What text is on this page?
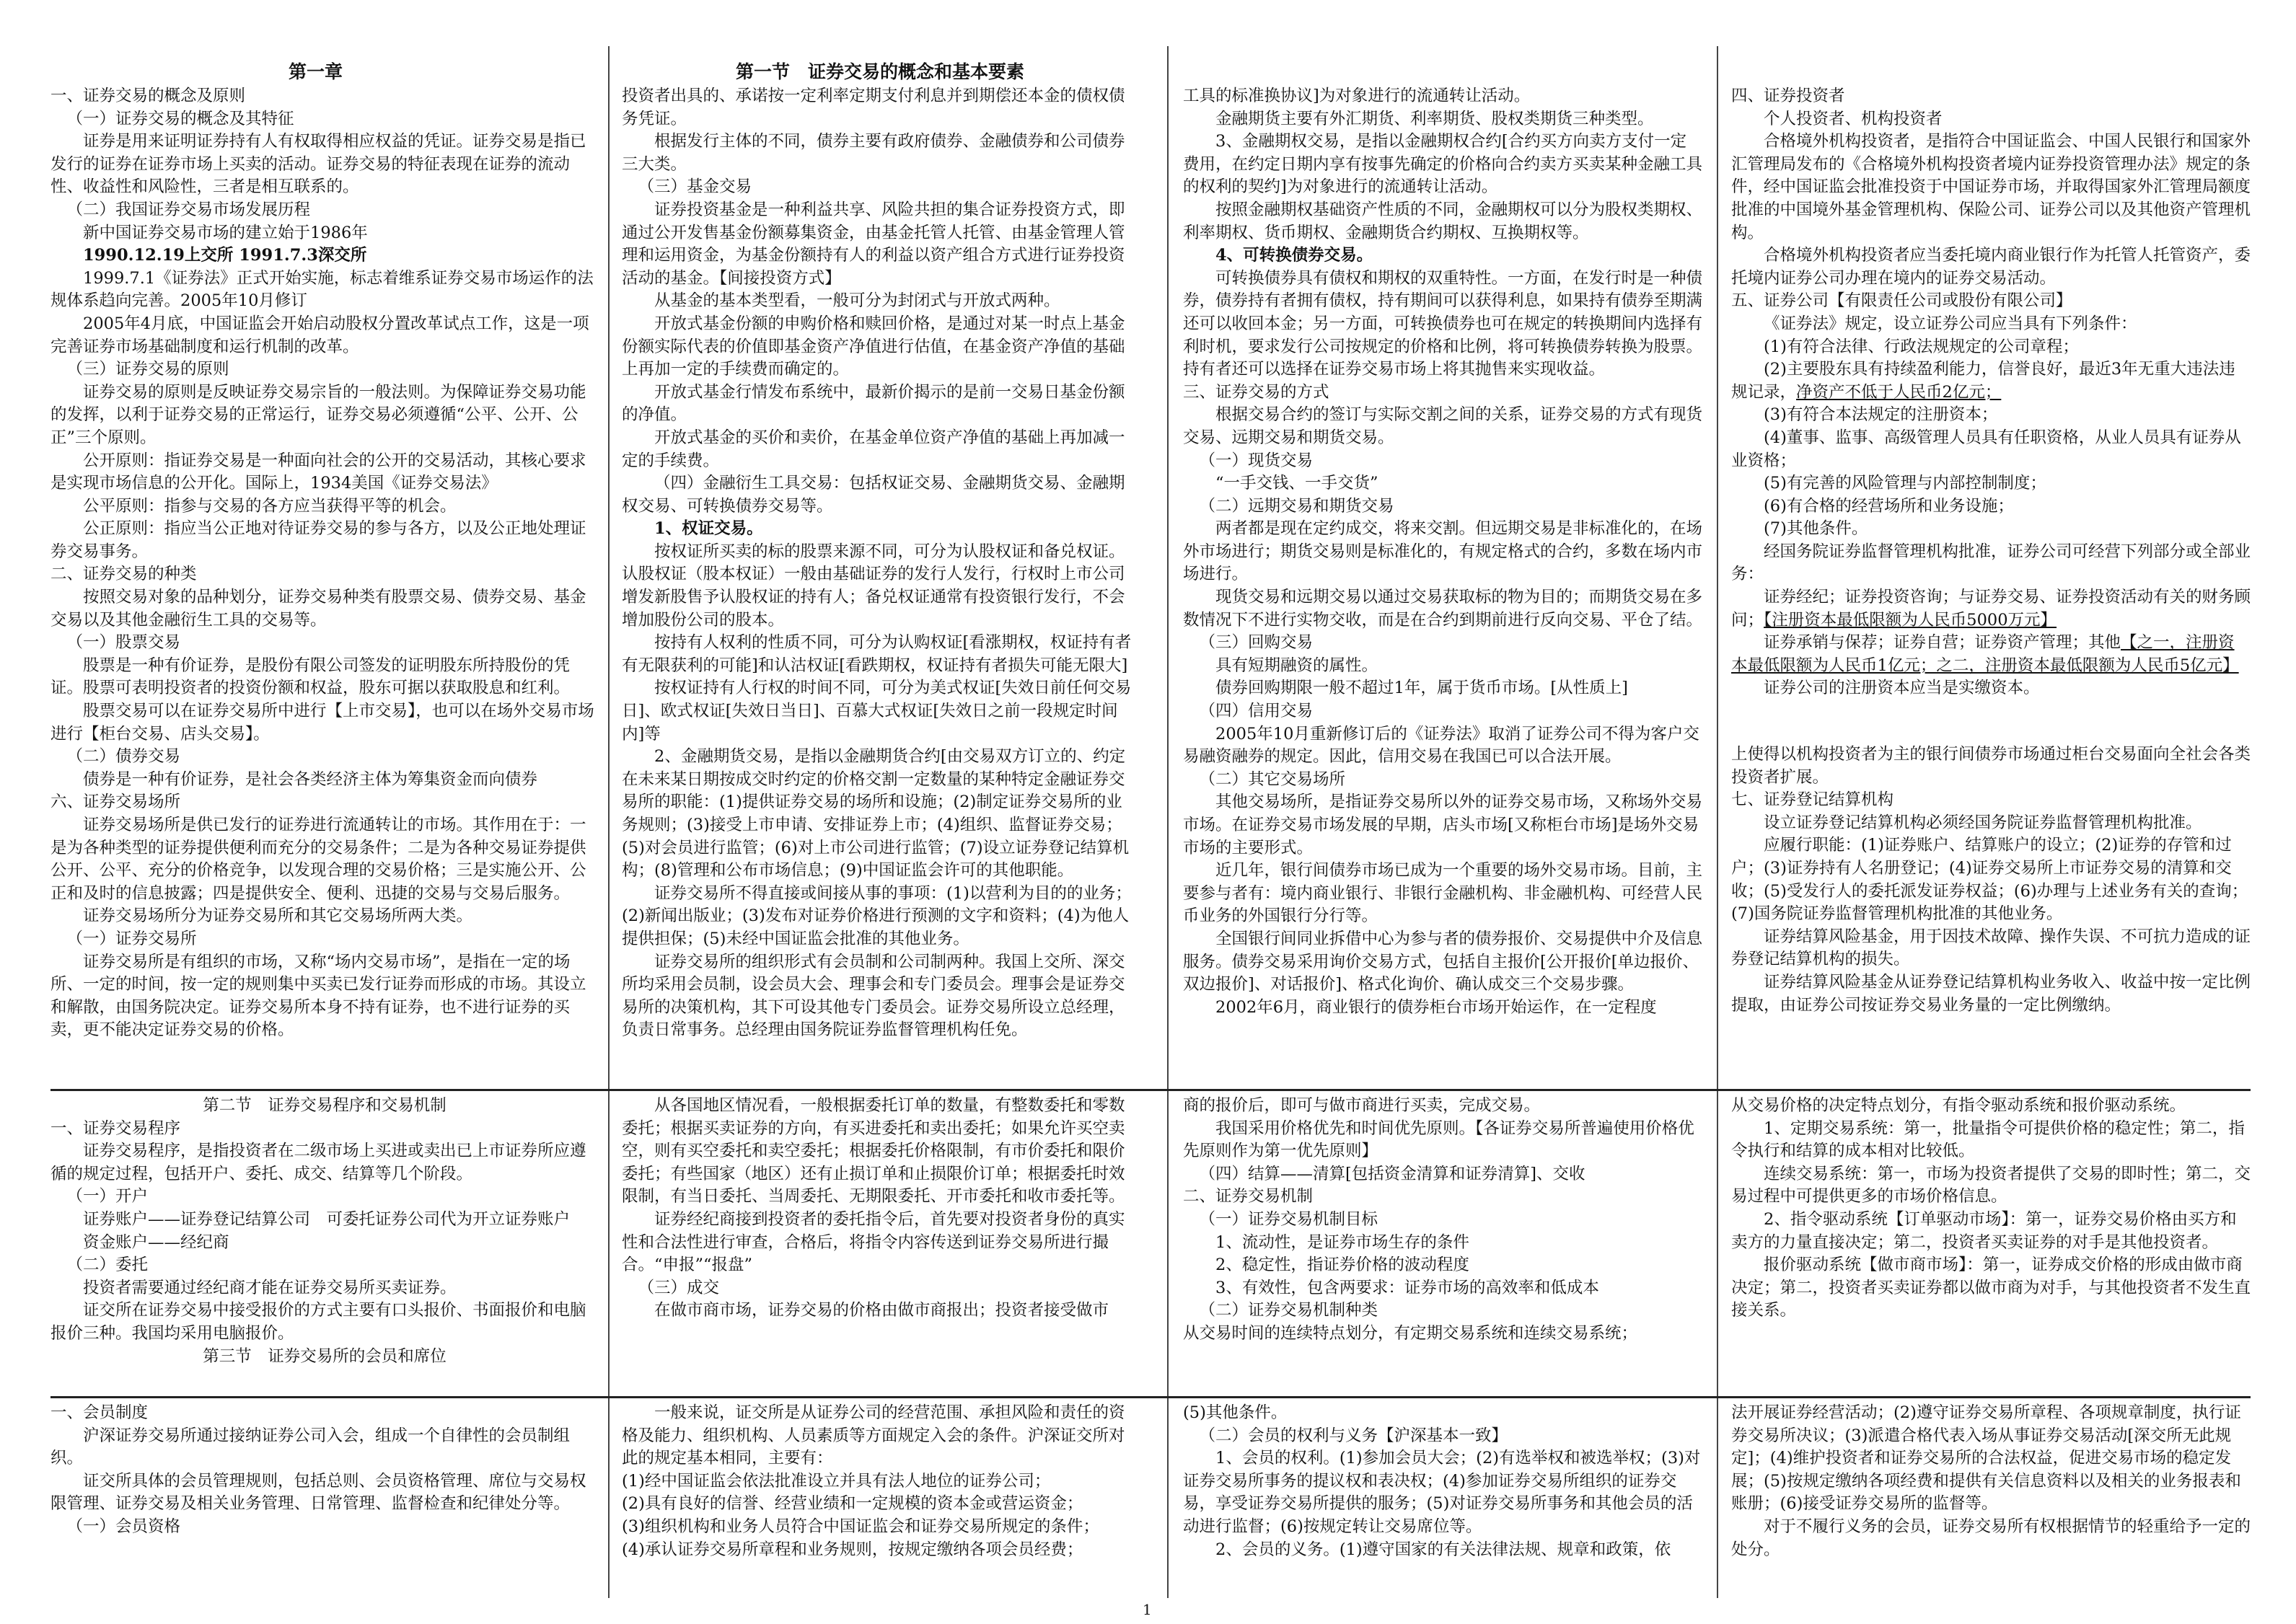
第一章	第一节　证券交易的概念和基本要素

一、证券交易的概念及原则

（一）证券交易的概念及其特征

证券是用来证明证券持有人有权取得相应权益的凭证。证券交易是指已发行的证券在证券市场上买卖的活动。证券交易的特征表现在证券的流动性、收益性和风险性，三者是相互联系的。

（二）我国证券交易市场发展历程

新中国证券交易市场的建立始于1986年

1990.12.19上交所 1991.7.3深交所

1999.7.1《证券法》正式开始实施，标志着维系证券交易市场运作的法规体系趋向完善。2005年10月修订

2005年4月底，中国证监会开始启动股权分置改革试点工作，这是一项完善证券市场基础制度和运行机制的改革。

（三）证券交易的原则

证券交易的原则是反映证券交易宗旨的一般法则。为保障证券交易功能的发挥，以利于证券交易的正常运行，证券交易必须遵循“公平、公开、公正”三个原则。

公开原则：指证券交易是一种面向社会的公开的交易活动，其核心要求是实现市场信息的公开化。国际上，1934美国《证券交易法》

公平原则：指参与交易的各方应当获得平等的机会。

公正原则：指应当公正地对待证券交易的参与各方，以及公正地处理证券交易事务。

二、证券交易的种类

按照交易对象的品种划分，证券交易种类有股票交易、债券交易、基金交易以及其他金融衍生工具的交易等。

（一）股票交易

股票是一种有价证券，是股份有限公司签发的证明股东所持股份的凭证。股票可表明投资者的投资份额和权益，股东可据以获取股息和红利。

股票交易可以在证券交易所中进行【上市交易】，也可以在场外交易市场进行【柜台交易、店头交易】。

（二）债券交易

债券是一种有价证券，是社会各类经济主体为筹集资金而向债券

六、证券交易场所

证券交易场所是供已发行的证券进行流通转让的市场。其作用在于：一是为各种类型的证券提供便利而充分的交易条件；二是为各种交易证券提供公开、公平、充分的价格竞争，以发现合理的交易价格；三是实施公开、公正和及时的信息披露；四是提供安全、便利、迅捷的交易与交易后服务。

证券交易场所分为证券交易所和其它交易场所两大类。

（一）证券交易所

证券交易所是有组织的市场，又称“场内交易市场”，是指在一定的场所、一定的时间，按一定的规则集中买卖已发行证券而形成的市场。其设立和解散，由国务院决定。证券交易所本身不持有证券，也不进行证券的买卖，更不能决定证券交易的价格。

第二节　证券交易程序和交易机制

一、证券交易程序

证券交易程序，是指投资者在二级市场上买进或卖出已上市证券所应遵循的规定过程，包括开户、委托、成交、结算等几个阶段。

（一）开户

证券账户——证券登记结算公司　可委托证券公司代为开立证券账户

资金账户——经纪商

（二）委托

投资者需要通过经纪商才能在证券交易所买卖证券。

证交所在证券交易中接受报价的方式主要有口头报价、书面报价和电脑报价三种。我国均采用电脑报价。

第三节　证券交易所的会员和席位

一、会员制度

沪深证券交易所通过接纳证券公司入会，组成一个自律性的会员制组织。

证交所具体的会员管理规则，包括总则、会员资格管理、席位与交易权限管理、证券交易及相关业务管理、日常管理、监督检查和纪律处分等。

（一）会员资格

投资者出具的、承诺按一定利率定期支付利息并到期偿还本金的债权债务凭证。

根据发行主体的不同，债券主要有政府债券、金融债券和公司债券三大类。

（三）基金交易

证券投资基金是一种利益共享、风险共担的集合证券投资方式，即通过公开发售基金份额募集资金，由基金托管人托管、由基金管理人管理和运用资金，为基金份额持有人的利益以资产组合方式进行证券投资活动的基金。【间接投资方式】

从基金的基本类型看，一般可分为封闭式与开放式两种。

开放式基金份额的申购价格和赎回价格，是通过对某一时点上基金份额实际代表的价值即基金资产净值进行估值，在基金资产净值的基础上再加一定的手续费而确定的。

开放式基金行情发布系统中，最新价揭示的是前一交易日基金份额的净值。

开放式基金的买价和卖价，在基金单位资产净值的基础上再加减一定的手续费。

（四）金融衍生工具交易：包括权证交易、金融期货交易、金融期权交易、可转换债券交易等。

1、权证交易。

按权证所买卖的标的股票来源不同，可分为认股权证和备兑权证。认股权证（股本权证）一般由基础证券的发行人发行，行权时上市公司增发新股售予认股权证的持有人；备兑权证通常有投资银行发行，不会增加股份公司的股本。

按持有人权利的性质不同，可分为认购权证[看涨期权，权证持有者有无限获利的可能]和认沽权证[看跌期权，权证持有者损失可能无限大]

按权证持有人行权的时间不同，可分为美式权证[失效日前任何交易日]、欧式权证[失效日当日]、百慕大式权证[失效日之前一段规定时间内]等

2、金融期货交易，是指以金融期货合约[由交易双方订立的、约定在未来某日期按成交时约定的价格交割一定数量的某种特定金融证券交易所的职能：(1)提供证券交易的场所和设施；(2)制定证券交易所的业务规则；(3)接受上市申请、安排证券上市；(4)组织、监督证券交易；(5)对会员进行监管；(6)对上市公司进行监管；(7)设立证券登记结算机构；(8)管理和公布市场信息；(9)中国证监会许可的其他职能。

证券交易所不得直接或间接从事的事项：(1)以营利为目的的业务；(2)新闻出版业；(3)发布对证券价格进行预测的文字和资料；(4)为他人提供担保；(5)未经中国证监会批准的其他业务。

证券交易所的组织形式有会员制和公司制两种。我国上交所、深交所均采用会员制，设会员大会、理事会和专门委员会。理事会是证券交易所的决策机构，其下可设其他专门委员会。证券交易所设立总经理，负责日常事务。总经理由国务院证券监督管理机构任免。

从各国地区情况看，一般根据委托订单的数量，有整数委托和零数委托；根据买卖证券的方向，有买进委托和卖出委托；如果允许买空卖空，则有买空委托和卖空委托；根据委托价格限制，有市价委托和限价委托；有些国家（地区）还有止损订单和止损限价订单；根据委托时效限制，有当日委托、当周委托、无期限委托、开市委托和收市委托等。

证券经纪商接到投资者的委托指令后，首先要对投资者身份的真实性和合法性进行审查，合格后，将指令内容传送到证券交易所进行撮合。“申报”“报盘”

（三）成交

在做市商市场，证券交易的价格由做市商报出；投资者接受做市

一般来说，证交所是从证券公司的经营范围、承担风险和责任的资格及能力、组织机构、人员素质等方面规定入会的条件。沪深证交所对此的规定基本相同，主要有：

(1)经中国证监会依法批准设立并具有法人地位的证券公司；

(2)具有良好的信誉、经营业绩和一定规模的资本金或营运资金；

(3)组织机构和业务人员符合中国证监会和证券交易所规定的条件；

(4)承认证券交易所章程和业务规则，按规定缴纳各项会员经费；

工具的标准换协议]为对象进行的流通转让活动。

金融期货主要有外汇期货、利率期货、股权类期货三种类型。

3、金融期权交易，是指以金融期权合约[合约买方向卖方支付一定费用，在约定日期内享有按事先确定的价格向合约卖方买卖某种金融工具的权利的契约]为对象进行的流通转让活动。

按照金融期权基础资产性质的不同，金融期权可以分为股权类期权、利率期权、货币期权、金融期货合约期权、互换期权等。

4、可转换债券交易。

可转换债券具有债权和期权的双重特性。一方面，在发行时是一种债券，债券持有者拥有债权，持有期间可以获得利息，如果持有债券至期满还可以收回本金；另一方面，可转换债券也可在规定的转换期间内选择有利时机，要求发行公司按规定的价格和比例，将可转换债券转换为股票。持有者还可以选择在证券交易市场上将其抛售来实现收益。

三、证券交易的方式

根据交易合约的签订与实际交割之间的关系，证券交易的方式有现货交易、远期交易和期货交易。

（一）现货交易

“一手交钱、一手交货”

（二）远期交易和期货交易

两者都是现在定约成交，将来交割。但远期交易是非标准化的，在场外市场进行；期货交易则是标准化的，有规定格式的合约，多数在场内市场进行。

现货交易和远期交易以通过交易获取标的物为目的；而期货交易在多数情况下不进行实物交收，而是在合约到期前进行反向交易、平仓了结。

（三）回购交易

具有短期融资的属性。

债券回购期限一般不超过1年，属于货币市场。[从性质上]

（四）信用交易

2005年10月重新修订后的《证券法》取消了证券公司不得为客户交易融资融券的规定。因此，信用交易在我国已可以合法开展。

（二）其它交易场所

其他交易场所，是指证券交易所以外的证券交易市场，又称场外交易市场。在证券交易市场发展的早期，店头市场[又称柜台市场]是场外交易市场的主要形式。

近几年，银行间债券市场已成为一个重要的场外交易市场。目前，主要参与者有：境内商业银行、非银行金融机构、非金融机构、可经营人民币业务的外国银行分行等。

全国银行间同业拆借中心为参与者的债券报价、交易提供中介及信息服务。债券交易采用询价交易方式，包括自主报价[公开报价[单边报价、双边报价]、对话报价]、格式化询价、确认成交三个交易步骤。

2002年6月，商业银行的债券柜台市场开始运作，在一定程度

商的报价后，即可与做市商进行买卖，完成交易。

我国采用价格优先和时间优先原则。【各证券交易所普遍使用价格优先原则作为第一优先原则】

（四）结算——清算[包括资金清算和证券清算]、交收

二、证券交易机制

（一）证券交易机制目标

1、流动性，是证券市场生存的条件

2、稳定性，指证券价格的波动程度

3、有效性，包含两要求：证券市场的高效率和低成本

（二）证券交易机制种类

从交易时间的连续特点划分，有定期交易系统和连续交易系统；

(5)其他条件。

（二）会员的权利与义务【沪深基本一致】

1、会员的权利。(1)参加会员大会；(2)有选举权和被选举权；(3)对证券交易所事务的提议权和表决权；(4)参加证券交易所组织的证券交易，享受证券交易所提供的服务；(5)对证券交易所事务和其他会员的活动进行监督；(6)按规定转让交易席位等。

2、会员的义务。(1)遵守国家的有关法律法规、规章和政策，依

四、证券投资者

个人投资者、机构投资者

合格境外机构投资者，是指符合中国证监会、中国人民银行和国家外汇管理局发布的《合格境外机构投资者境内证券投资管理办法》规定的条件，经中国证监会批准投资于中国证券市场，并取得国家外汇管理局额度批准的中国境外基金管理机构、保险公司、证券公司以及其他资产管理机构。

合格境外机构投资者应当委托境内商业银行作为托管人托管资产，委托境内证券公司办理在境内的证券交易活动。

五、证券公司【有限责任公司或股份有限公司】

《证券法》规定，设立证券公司应当具有下列条件：

(1)有符合法律、行政法规规定的公司章程；

(2)主要股东具有持续盈利能力，信誉良好，最近3年无重大违法违规记录，净资产不低于人民币2亿元；

(3)有符合本法规定的注册资本；

(4)董事、监事、高级管理人员具有任职资格，从业人员具有证券从业资格；

(5)有完善的风险管理与内部控制制度；

(6)有合格的经营场所和业务设施；

(7)其他条件。

经国务院证券监督管理机构批准，证券公司可经营下列部分或全部业务：

证券经纪；证券投资咨询；与证券交易、证券投资活动有关的财务顾问；【注册资本最低限额为人民币5000万元】

证券承销与保荐；证券自营；证券资产管理；其他【之一，注册资本最低限额为人民币1亿元；之二，注册资本最低限额为人民币5亿元】

证券公司的注册资本应当是实缴资本。

上使得以机构投资者为主的银行间债券市场通过柜台交易面向全社会各类投资者扩展。

七、证券登记结算机构

设立证券登记结算机构必须经国务院证券监督管理机构批准。

应履行职能：(1)证券账户、结算账户的设立；(2)证券的存管和过户；(3)证券持有人名册登记；(4)证券交易所上市证券交易的清算和交收；(5)受发行人的委托派发证券权益；(6)办理与上述业务有关的查询；(7)国务院证券监督管理机构批准的其他业务。

证券结算风险基金，用于因技术故障、操作失误、不可抗力造成的证券登记结算机构的损失。

证券结算风险基金从证券登记结算机构业务收入、收益中按一定比例提取，由证券公司按证券交易业务量的一定比例缴纳。

从交易价格的决定特点划分，有指令驱动系统和报价驱动系统。

1、定期交易系统：第一，批量指令可提供价格的稳定性；第二，指令执行和结算的成本相对比较低。

连续交易系统：第一，市场为投资者提供了交易的即时性；第二，交易过程中可提供更多的市场价格信息。

2、指令驱动系统【订单驱动市场】：第一，证券交易价格由买方和卖方的力量直接决定；第二，投资者买卖证券的对手是其他投资者。

报价驱动系统【做市商市场】：第一，证券成交价格的形成由做市商决定；第二，投资者买卖证券都以做市商为对手，与其他投资者不发生直接关系。

法开展证券经营活动；(2)遵守证券交易所章程、各项规章制度，执行证券交易所决议；(3)派遣合格代表入场从事证券交易活动[深交所无此规定]；(4)维护投资者和证券交易所的合法权益，促进交易市场的稳定发展；(5)按规定缴纳各项经费和提供有关信息资料以及相关的业务报表和账册；(6)接受证券交易所的监督等。

对于不履行义务的会员，证券交易所有权根据情节的轻重给予一定的处分。

1
